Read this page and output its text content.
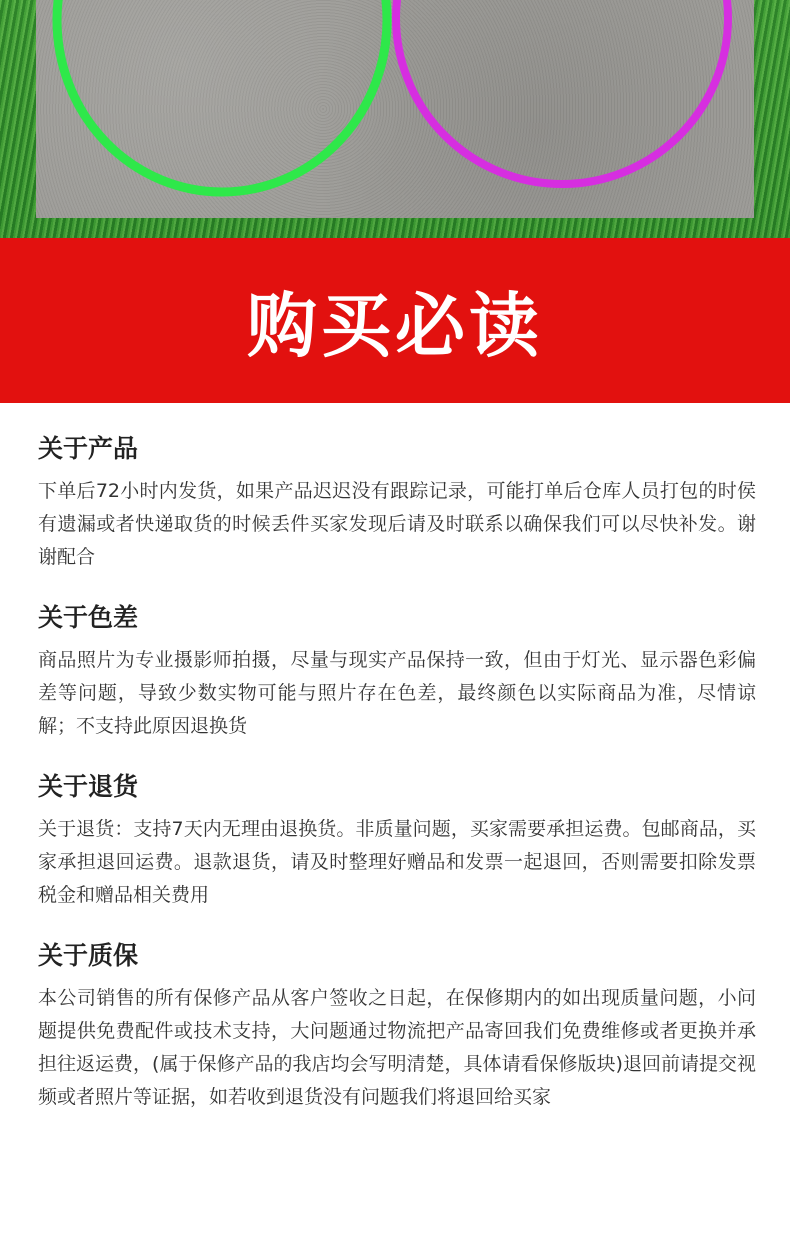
购买必读
关于产品

下单后72小时内发货，如果产品迟迟没有跟踪记录，可能打单后仓库人员打包的时侯有遗漏或者快递取货的时候丢件买家发现后请及时联系以确保我们可以尽快补发。谢谢配合

关于色差

商品照片为专业摄影师拍摄，尽量与现实产品保持一致，但由于灯光、显示器色彩偏差等问题，导致少数实物可能与照片存在色差，最终颜色以实际商品为准，尽情谅解；不支持此原因退换货

关于退货

关于退货：支持7天内无理由退换货。非质量问题，买家需要承担运费。包邮商品，买家承担退回运费。退款退货，请及时整理好赠品和发票一起退回，否则需要扣除发票税金和赠品相关费用

关于质保

本公司销售的所有保修产品从客户签收之日起，在保修期内的如出现质量问题，小问题提供免费配件或技术支持，大问题通过物流把产品寄回我们免费维修或者更换并承担往返运费，(属于保修产品的我店均会写明清楚，具体请看保修版块)退回前请提交视频或者照片等证据，如若收到退货没有问题我们将退回给买家
